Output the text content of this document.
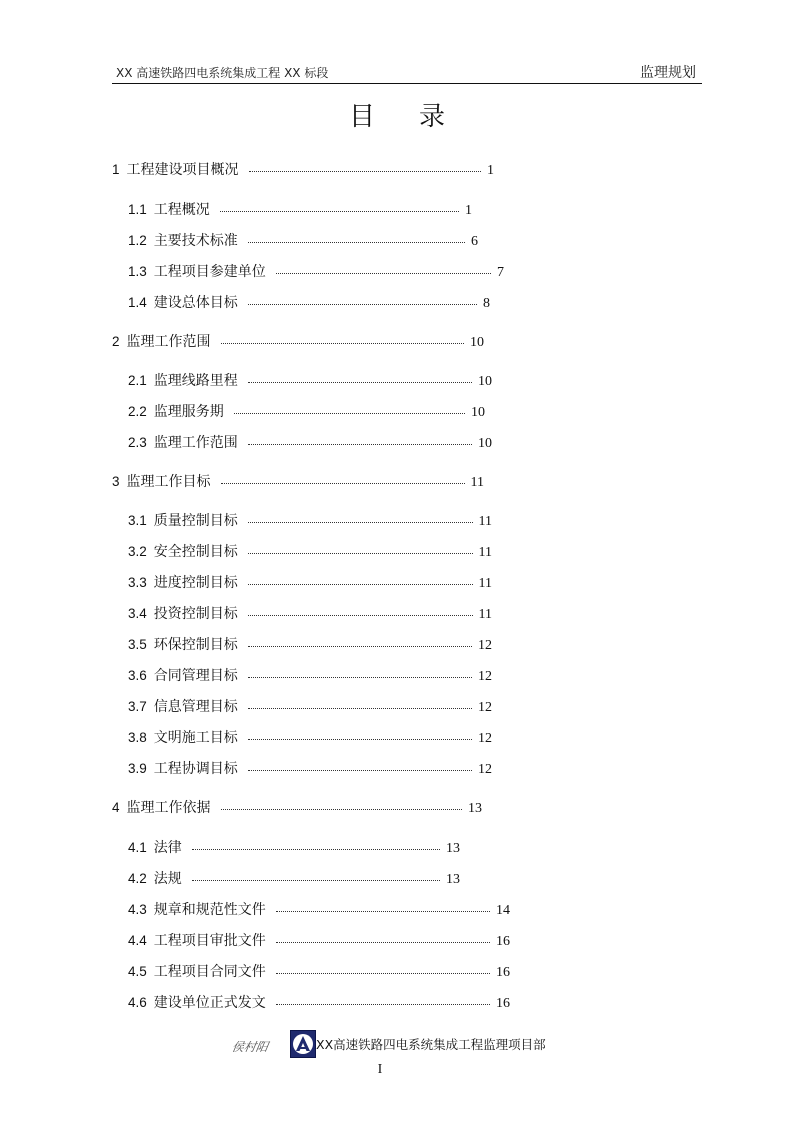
XX 高速铁路四电系统集成工程 XX 标段	监理规划
目录
1 工程建设项目概况	1
1.1 工程概况	1
1.2 主要技术标准	6
1.3 工程项目参建单位	7
1.4 建设总体目标	8
2 监理工作范围	10
2.1 监理线路里程	10
2.2 监理服务期	10
2.3 监理工作范围	10
3 监理工作目标	11
3.1 质量控制目标	11
3.2 安全控制目标	11
3.3 进度控制目标	11
3.4 投资控制目标	11
3.5 环保控制目标	12
3.6 合同管理目标	12
3.7 信息管理目标	12
3.8 文明施工目标	12
3.9 工程协调目标	12
4 监理工作依据	13
4.1 法律	13
4.2 法规	13
4.3 规章和规范性文件	14
4.4 工程项目审批文件	16
4.5 工程项目合同文件	16
4.6 建设单位正式发文	16
侯村阳	XX高速铁路四电系统集成工程监理项目部
I
